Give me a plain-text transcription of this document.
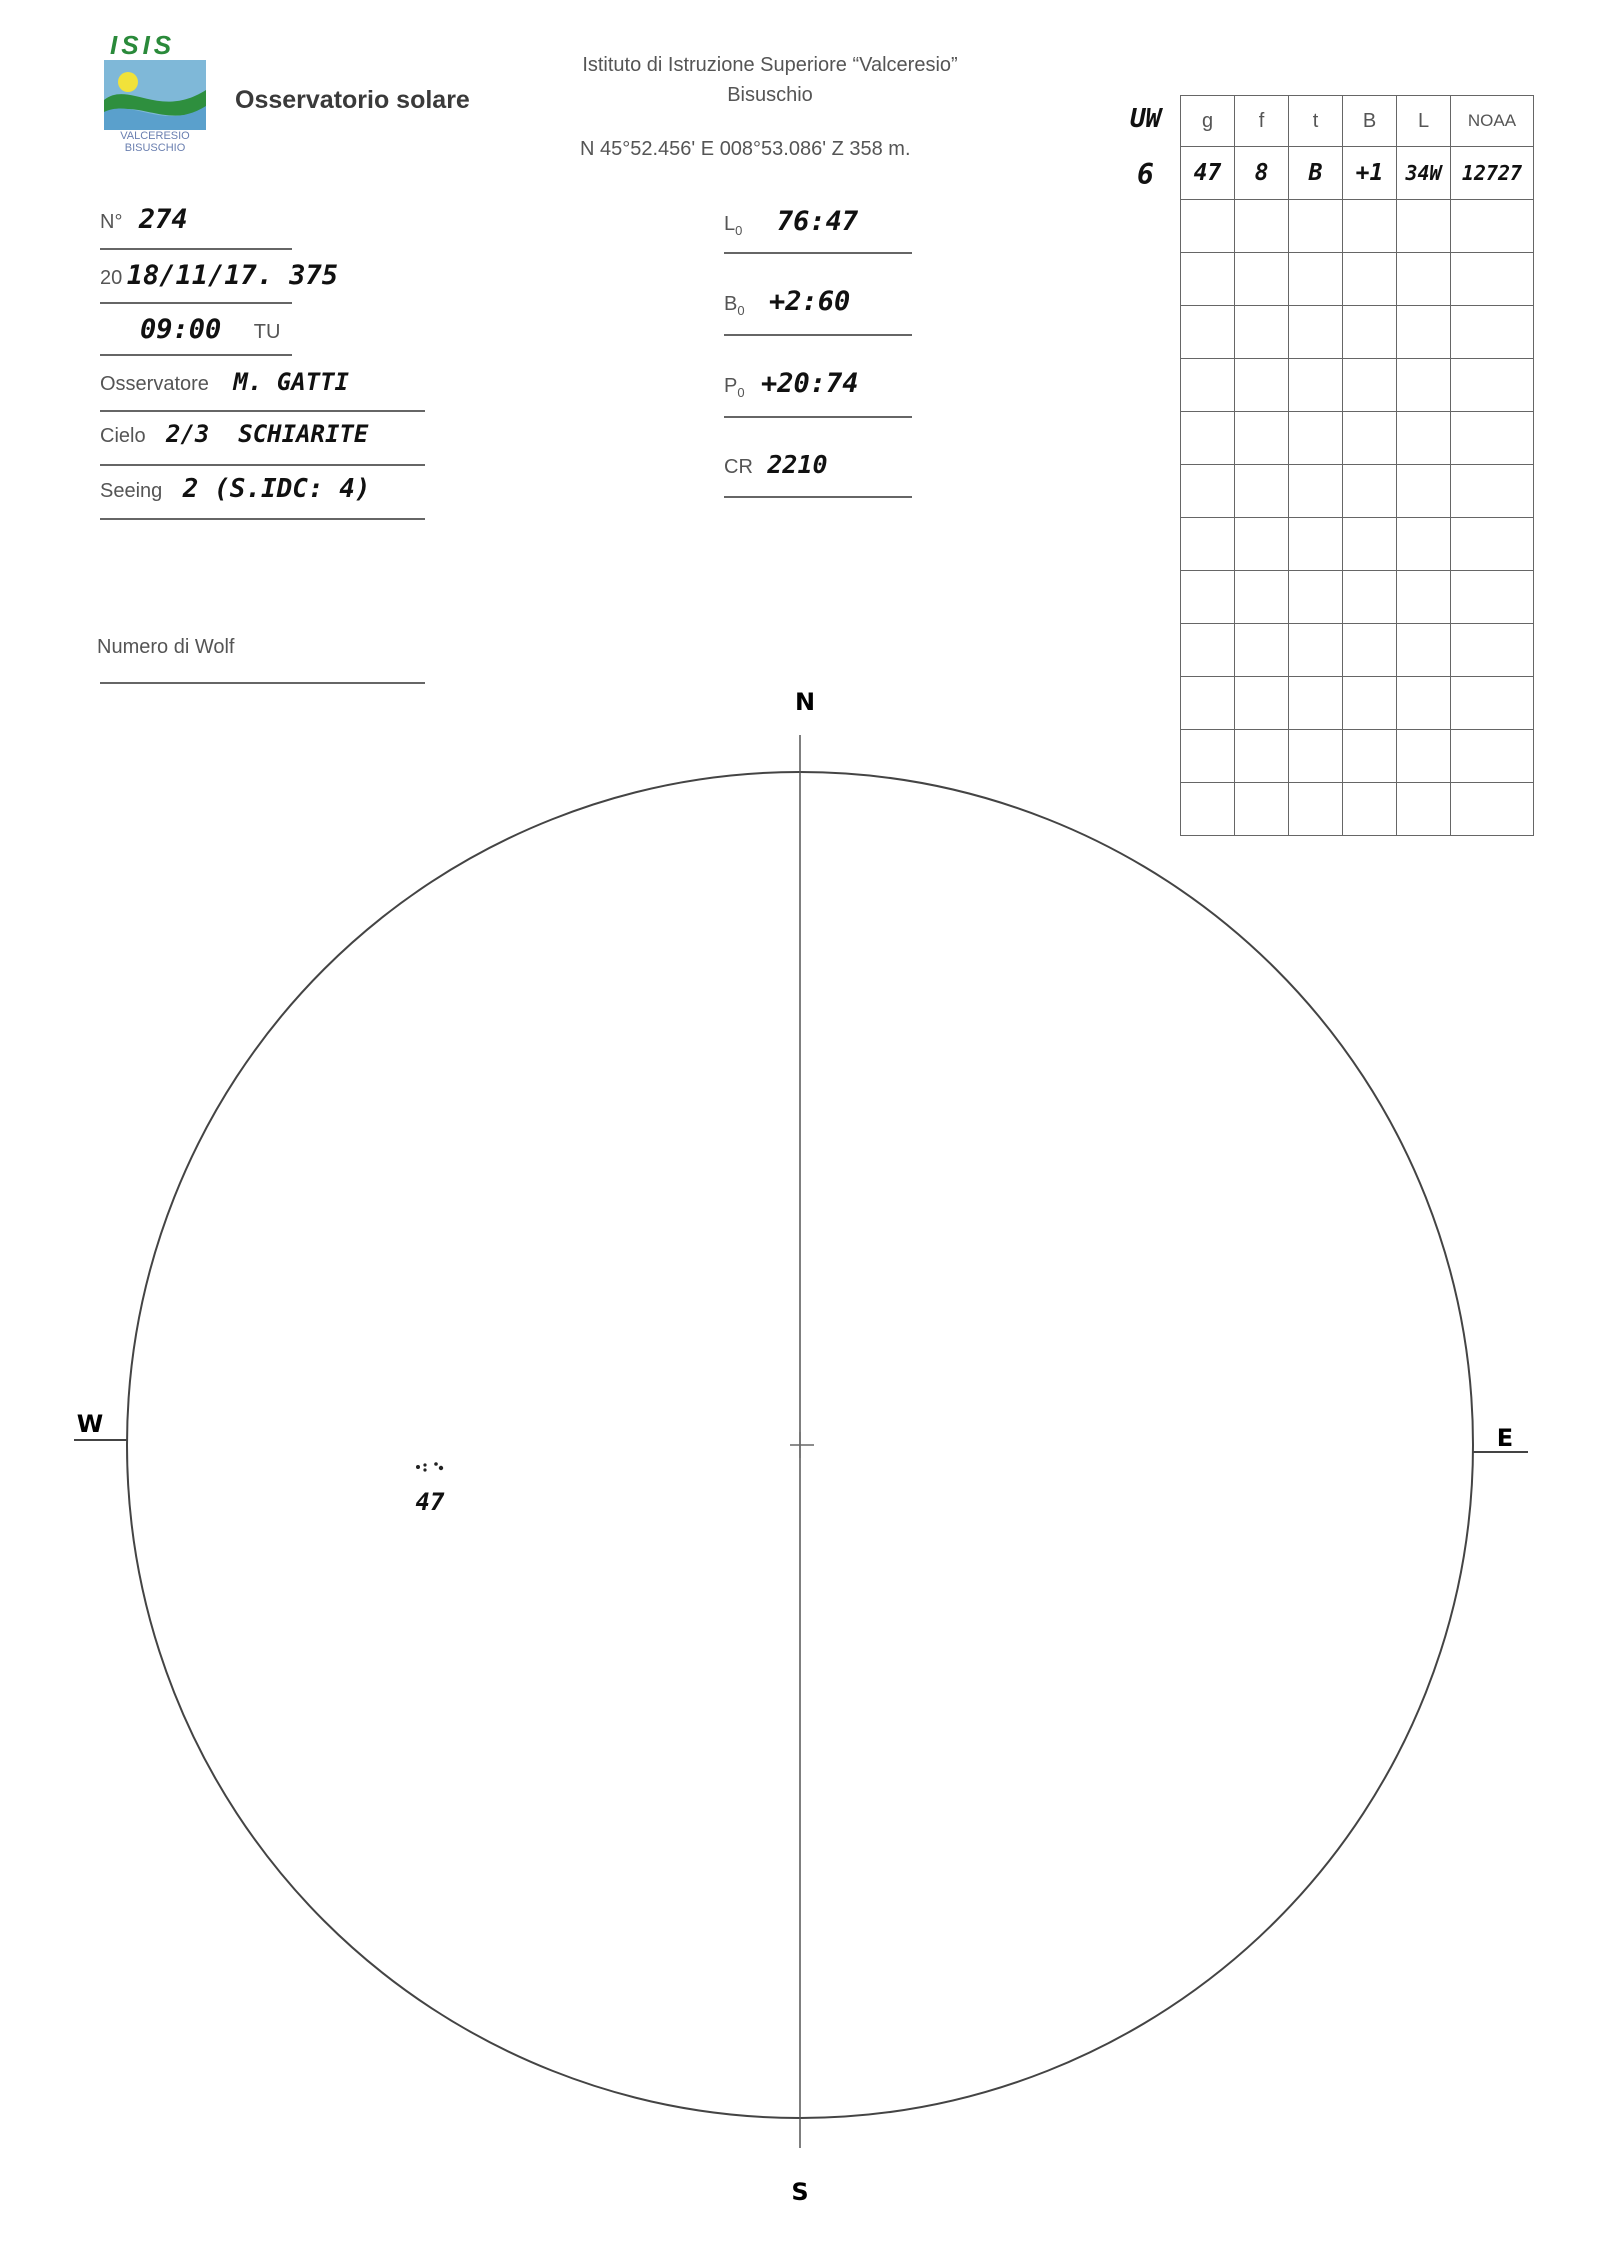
ISIS
VALCERESIO
BISUSCHIO
Osservatorio solare
Istituto di Istruzione Superiore “Valceresio”
Bisuschio
N 45°52.456' E 008°53.086' Z 358 m.
N° 274
20 18/11/17. 375
09:00 TU
Osservatore M. GATTI
Cielo 2/3  SCHIARITE
Seeing 2 (S.IDC: 4)
Numero di Wolf
$L_0$ 76:47
$B_0$ +2:60
$P_0$ +20:74
CR 2210
UW
6
g	f	t	B	L	NOAA
47	8	B	+1	34W	12727

N
S
W	E
47
